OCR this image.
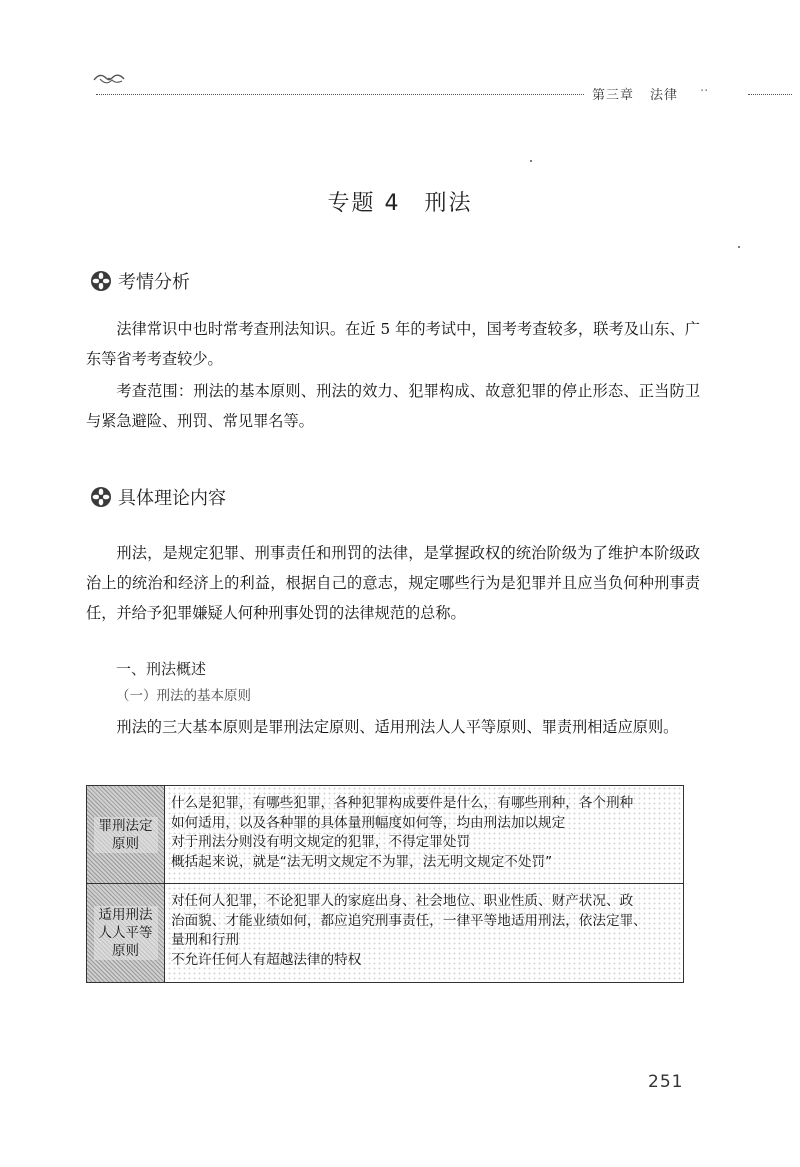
第三章 法律 ··
专题 4 刑法
考情分析
法律常识中也时常考查刑法知识。在近 5 年的考试中，国考考查较多，联考及山东、广东等省考考查较少。
考查范围：刑法的基本原则、刑法的效力、犯罪构成、故意犯罪的停止形态、正当防卫与紧急避险、刑罚、常见罪名等。
具体理论内容
刑法，是规定犯罪、刑事责任和刑罚的法律，是掌握政权的统治阶级为了维护本阶级政治上的统治和经济上的利益，根据自己的意志，规定哪些行为是犯罪并且应当负何种刑事责任，并给予犯罪嫌疑人何种刑事处罚的法律规范的总称。
一、刑法概述
（一）刑法的基本原则
刑法的三大基本原则是罪刑法定原则、适用刑法人人平等原则、罪责刑相适应原则。
罪刑法定
原则
什么是犯罪，有哪些犯罪，各种犯罪构成要件是什么，有哪些刑种，各个刑种
如何适用，以及各种罪的具体量刑幅度如何等，均由刑法加以规定
对于刑法分则没有明文规定的犯罪，不得定罪处罚
概括起来说，就是“法无明文规定不为罪，法无明文规定不处罚”
适用刑法
人人平等
原则
对任何人犯罪，不论犯罪人的家庭出身、社会地位、职业性质、财产状况、政
治面貌、才能业绩如何，都应追究刑事责任，一律平等地适用刑法，依法定罪、
量刑和行刑
不允许任何人有超越法律的特权
251
